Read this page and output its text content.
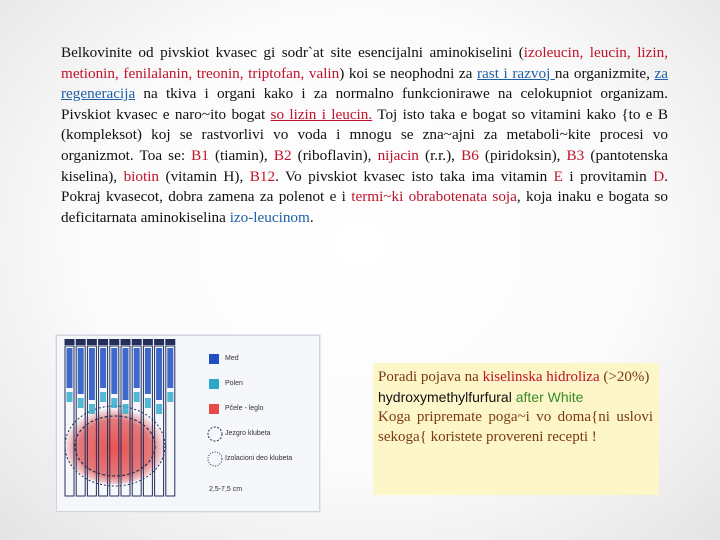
Belkovinite od pivskiot kvasec gi sodr`at site esencijalni aminokiselini (izoleucin, leucin, lizin, metionin, fenilalanin, treonin, triptofan, valin) koi se neophodni za rast i razvoj na organizmite, za regeneracija na tkiva i organi kako i za normalno funkcionirawe na celokupniot organizam. Pivskiot kvasec e naro~ito bogat so lizin i leucin. Toj isto taka e bogat so vitamini kako {to e B (kompleksot) koj se rastvorlivi vo voda i mnogu se zna~ajni za metaboli~kite procesi vo organizmot. Toa se: B1 (tiamin), B2 (riboflavin), nijacin (r.r.), B6 (piridoksin), B3 (pantotenska kiselina), biotin (vitamin H), B12. Vo pivskiot kvasec isto taka ima vitamin E i provitamin D. Pokraj kvasecot, dobra zamena za polenot e i termi~ki obrabotenata soja, koja inaku e bogata so deficitarnata aminokiselina izo-leucinom.

Med
Polen
Pčele - leglo
Jezgro klubeta
Izolacioni deo klubeta
2,5-7,5 cm

Poradi pojava na kiselinska hidroliza (>20%)

hydroxymethylfurfural after White

Koga pripremate poga~i vo doma{ni uslovi sekoga{ koristete provereni recepti !
